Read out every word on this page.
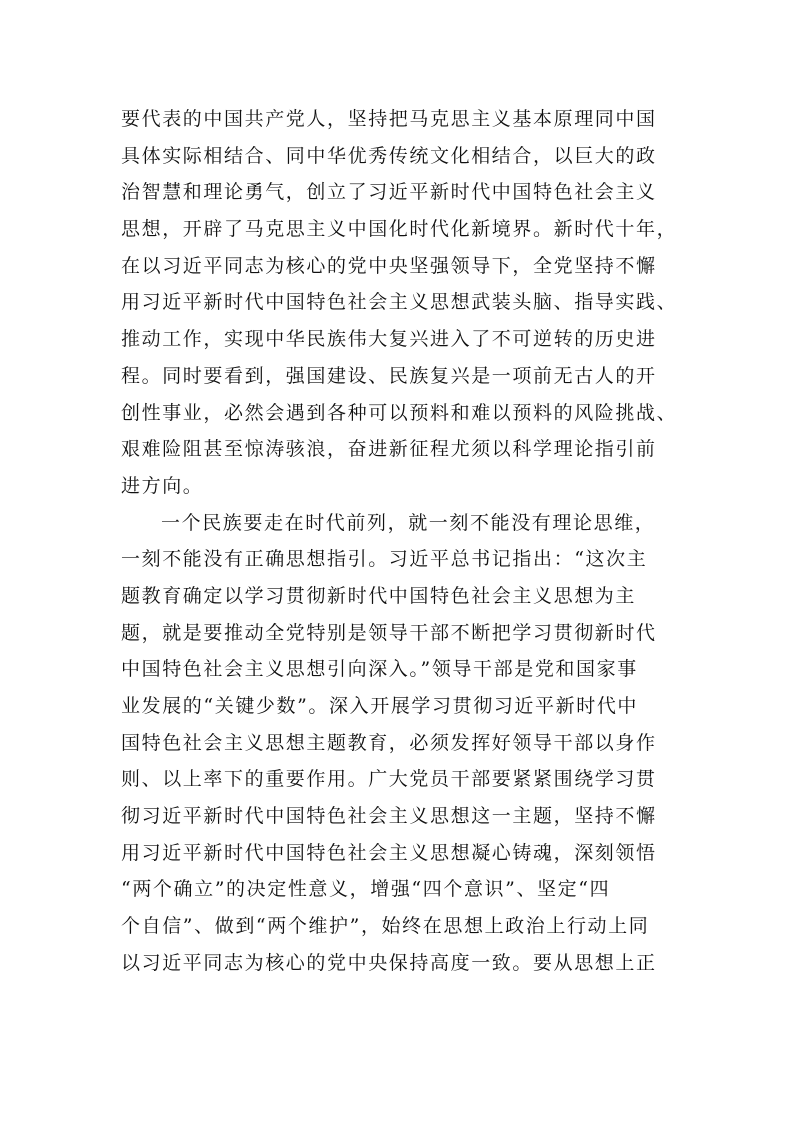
要代表的中国共产党人，坚持把马克思主义基本原理同中国
具体实际相结合、同中华优秀传统文化相结合，以巨大的政
治智慧和理论勇气，创立了习近平新时代中国特色社会主义
思想，开辟了马克思主义中国化时代化新境界。新时代十年，
在以习近平同志为核心的党中央坚强领导下，全党坚持不懈
用习近平新时代中国特色社会主义思想武装头脑、指导实践、
推动工作，实现中华民族伟大复兴进入了不可逆转的历史进
程。同时要看到，强国建设、民族复兴是一项前无古人的开
创性事业，必然会遇到各种可以预料和难以预料的风险挑战、
艰难险阻甚至惊涛骇浪，奋进新征程尤须以科学理论指引前
进方向。
一个民族要走在时代前列，就一刻不能没有理论思维，
一刻不能没有正确思想指引。习近平总书记指出：“这次主
题教育确定以学习贯彻新时代中国特色社会主义思想为主
题，就是要推动全党特别是领导干部不断把学习贯彻新时代
中国特色社会主义思想引向深入。”领导干部是党和国家事
业发展的“关键少数”。深入开展学习贯彻习近平新时代中
国特色社会主义思想主题教育，必须发挥好领导干部以身作
则、以上率下的重要作用。广大党员干部要紧紧围绕学习贯
彻习近平新时代中国特色社会主义思想这一主题，坚持不懈
用习近平新时代中国特色社会主义思想凝心铸魂，深刻领悟
“两个确立”的决定性意义，增强“四个意识”、坚定“四
个自信”、做到“两个维护”，始终在思想上政治上行动上同
以习近平同志为核心的党中央保持高度一致。要从思想上正
